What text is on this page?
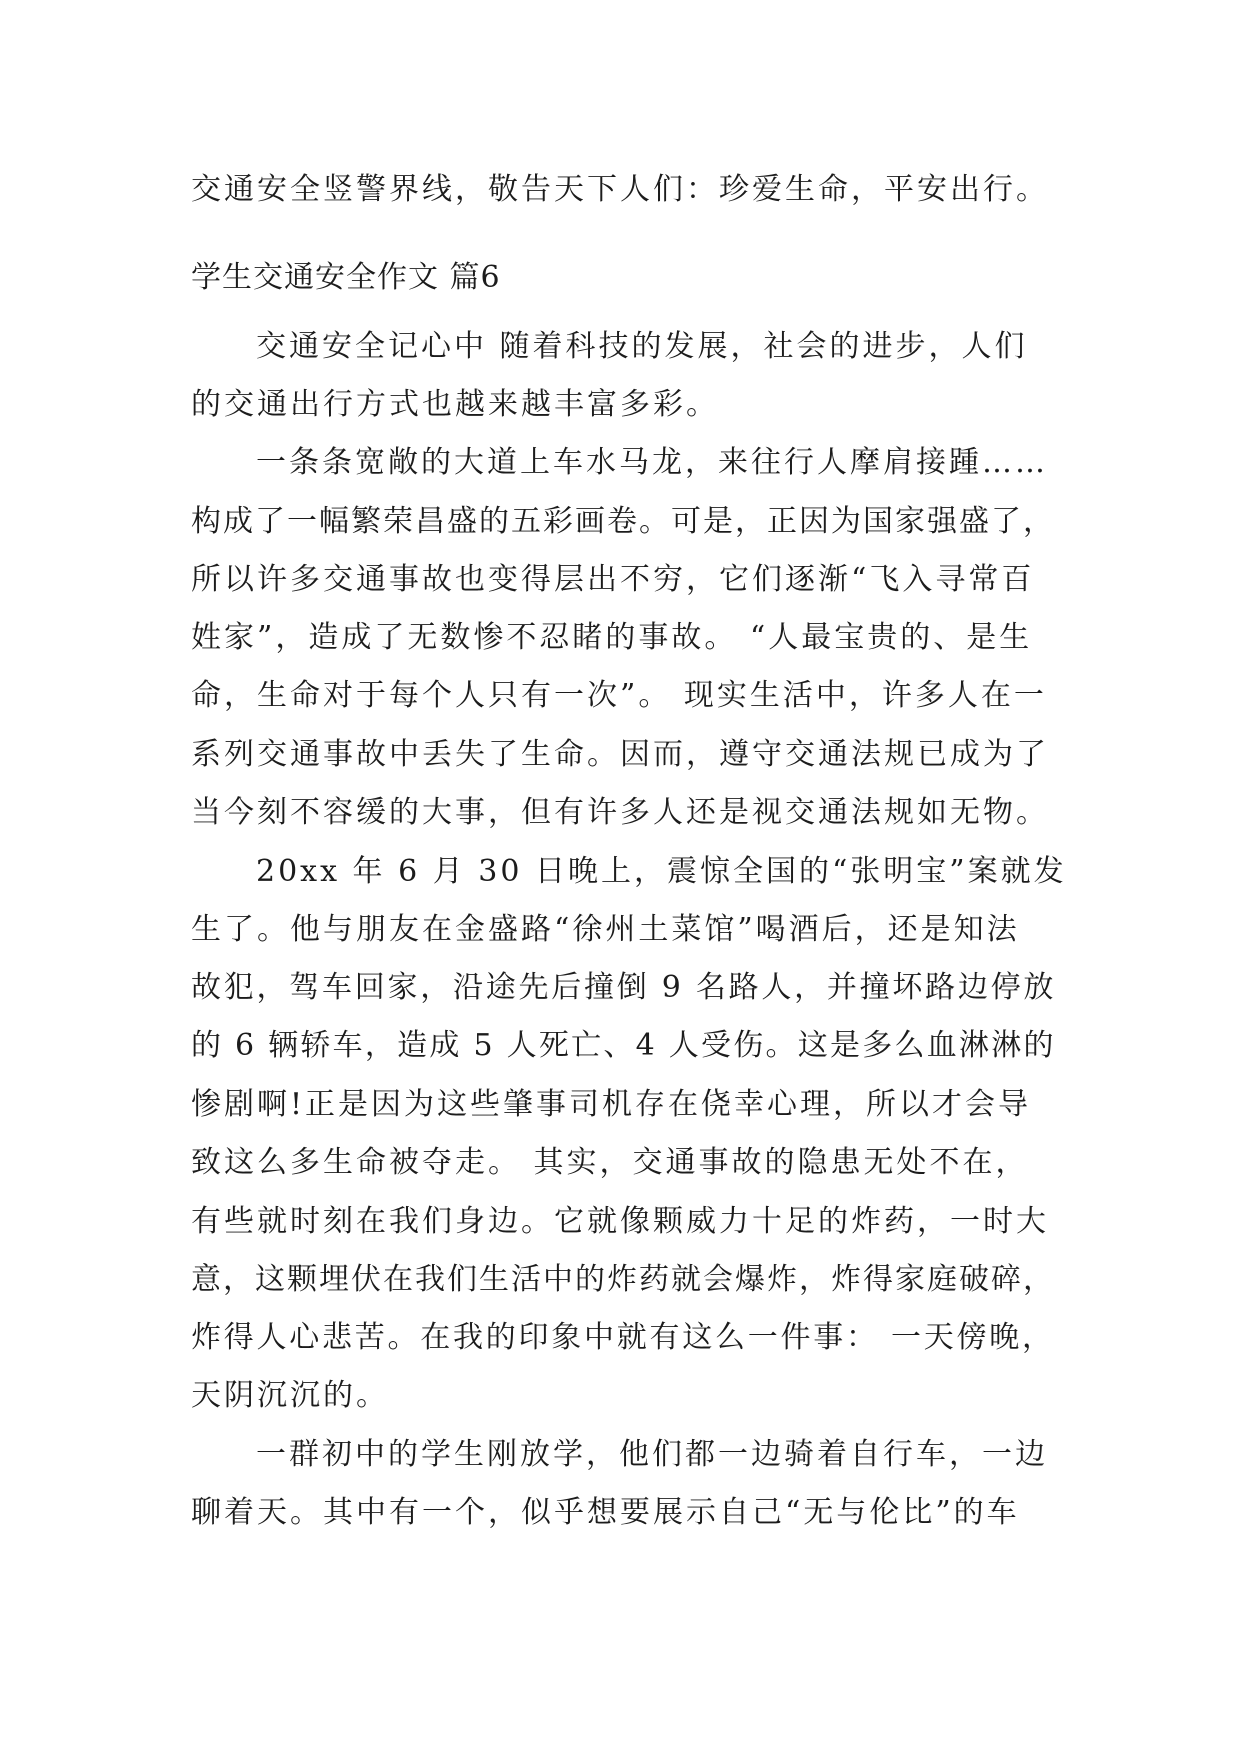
交通安全竖警界线，敬告天下人们：珍爱生命，平安出行。

学生交通安全作文 篇6

交通安全记心中 随着科技的发展，社会的进步，人们

的交通出行方式也越来越丰富多彩。

一条条宽敞的大道上车水马龙，来往行人摩肩接踵……

构成了一幅繁荣昌盛的五彩画卷。可是，正因为国家强盛了，

所以许多交通事故也变得层出不穷，它们逐渐“飞入寻常百

姓家”，造成了无数惨不忍睹的事故。 “人最宝贵的、是生

命，生命对于每个人只有一次”。 现实生活中，许多人在一

系列交通事故中丢失了生命。因而，遵守交通法规已成为了

当今刻不容缓的大事，但有许多人还是视交通法规如无物。

20xx 年 6 月 30 日晚上，震惊全国的“张明宝”案就发

生了。他与朋友在金盛路“徐州土菜馆”喝酒后，还是知法

故犯，驾车回家，沿途先后撞倒 9 名路人，并撞坏路边停放

的 6 辆轿车，造成 5 人死亡、4 人受伤。这是多么血淋淋的

惨剧啊!正是因为这些肇事司机存在侥幸心理，所以才会导

致这么多生命被夺走。 其实，交通事故的隐患无处不在，

有些就时刻在我们身边。它就像颗威力十足的炸药，一时大

意，这颗埋伏在我们生活中的炸药就会爆炸，炸得家庭破碎，

炸得人心悲苦。在我的印象中就有这么一件事： 一天傍晚，

天阴沉沉的。

一群初中的学生刚放学，他们都一边骑着自行车，一边

聊着天。其中有一个，似乎想要展示自己“无与伦比”的车
